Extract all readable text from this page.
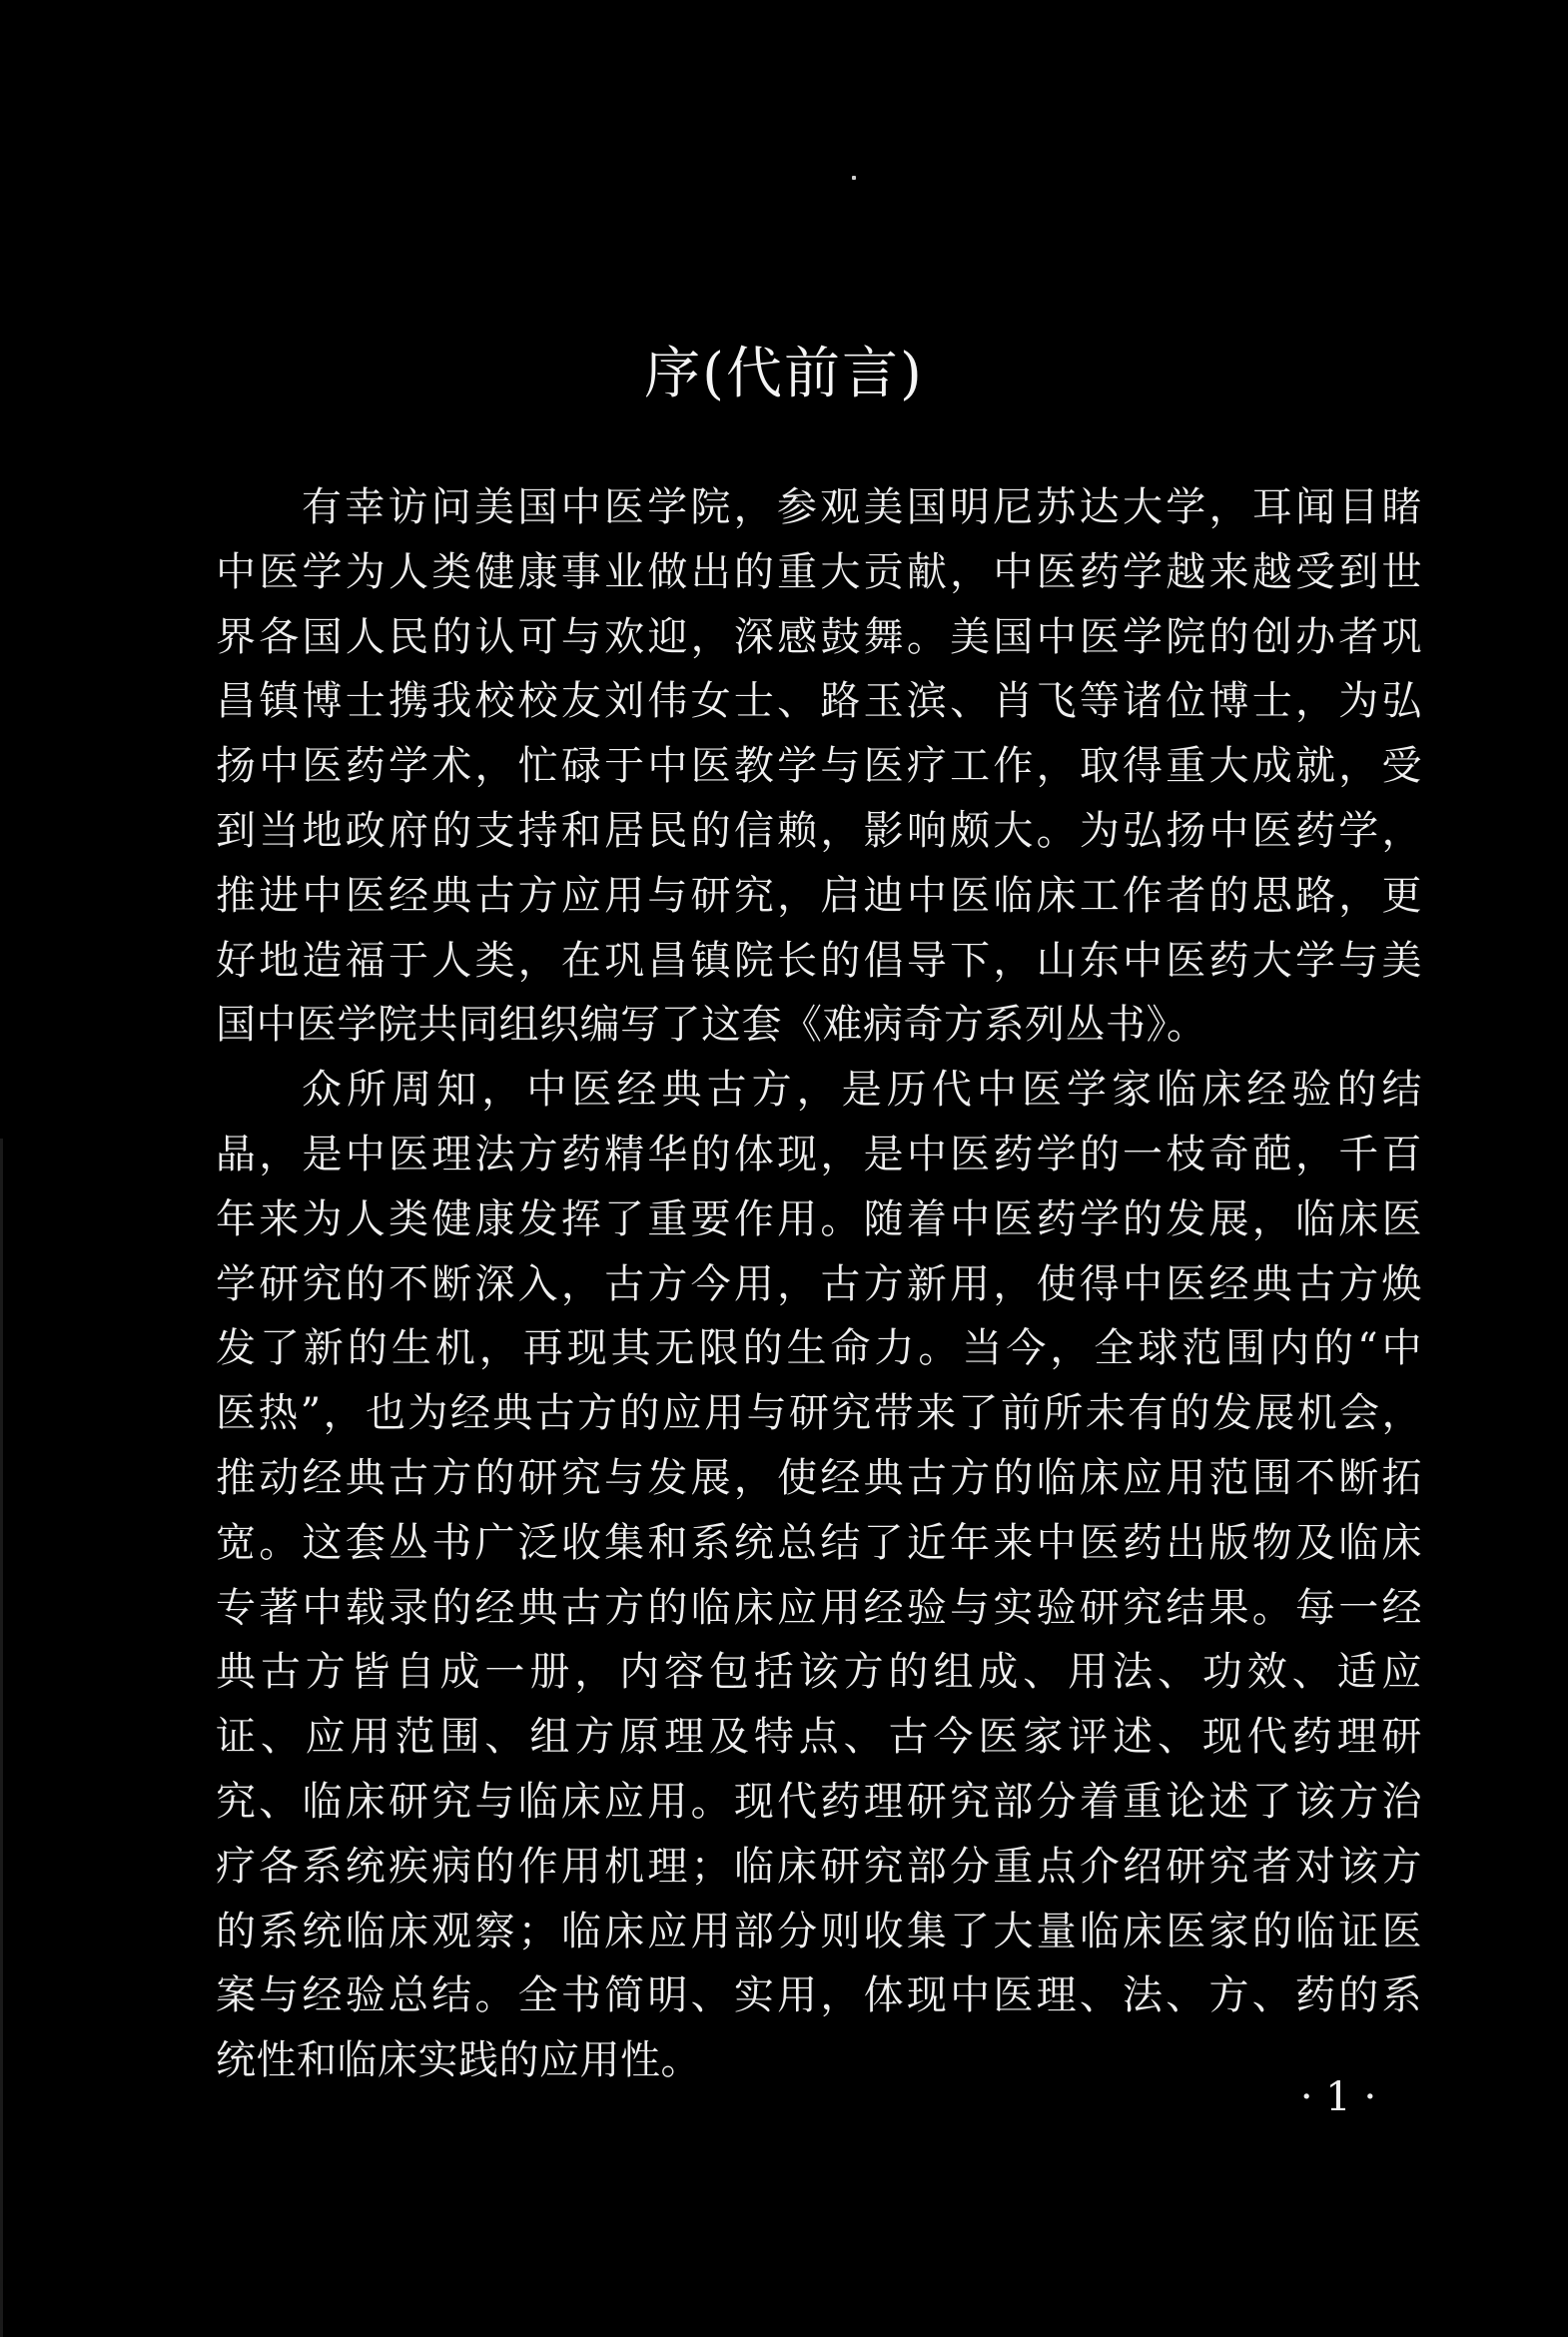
序(代前言)
有幸访问美国中医学院，参观美国明尼苏达大学，耳闻目睹
中医学为人类健康事业做出的重大贡献，中医药学越来越受到世
界各国人民的认可与欢迎，深感鼓舞。美国中医学院的创办者巩
昌镇博士携我校校友刘伟女士、路玉滨、肖飞等诸位博士，为弘
扬中医药学术，忙碌于中医教学与医疗工作，取得重大成就，受
到当地政府的支持和居民的信赖，影响颇大。为弘扬中医药学，
推进中医经典古方应用与研究，启迪中医临床工作者的思路，更
好地造福于人类，在巩昌镇院长的倡导下，山东中医药大学与美
国中医学院共同组织编写了这套《难病奇方系列丛书》。
众所周知，中医经典古方，是历代中医学家临床经验的结
晶，是中医理法方药精华的体现，是中医药学的一枝奇葩，千百
年来为人类健康发挥了重要作用。随着中医药学的发展，临床医
学研究的不断深入，古方今用，古方新用，使得中医经典古方焕
发了新的生机，再现其无限的生命力。当今，全球范围内的“中
医热”，也为经典古方的应用与研究带来了前所未有的发展机会，
推动经典古方的研究与发展，使经典古方的临床应用范围不断拓
宽。这套丛书广泛收集和系统总结了近年来中医药出版物及临床
专著中载录的经典古方的临床应用经验与实验研究结果。每一经
典古方皆自成一册，内容包括该方的组成、用法、功效、适应
证、应用范围、组方原理及特点、古今医家评述、现代药理研
究、临床研究与临床应用。现代药理研究部分着重论述了该方治
疗各系统疾病的作用机理；临床研究部分重点介绍研究者对该方
的系统临床观察；临床应用部分则收集了大量临床医家的临证医
案与经验总结。全书简明、实用，体现中医理、法、方、药的系
统性和临床实践的应用性。
· 1 ·
